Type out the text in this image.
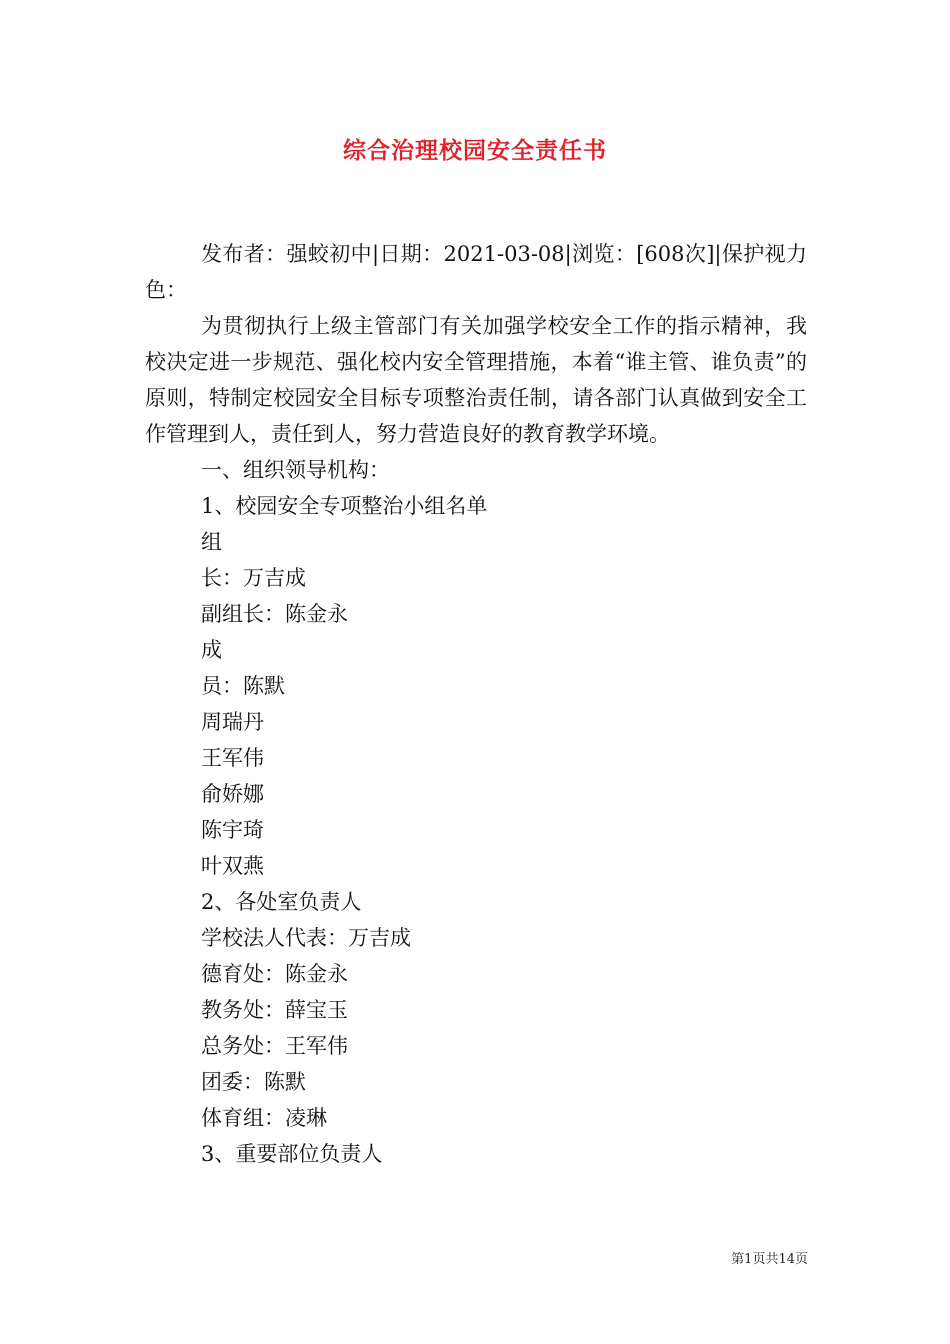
综合治理校园安全责任书

发布者：强蛟初中|日期：2021-03-08|浏览：[608次]|保护视力色：

为贯彻执行上级主管部门有关加强学校安全工作的指示精神，我校决定进一步规范、强化校内安全管理措施，本着“谁主管、谁负责”的原则，特制定校园安全目标专项整治责任制，请各部门认真做到安全工作管理到人，责任到人，努力营造良好的教育教学环境。

一、组织领导机构：

1、校园安全专项整治小组名单

组

长：万吉成

副组长：陈金永

成

员：陈默

周瑞丹

王军伟

俞娇娜

陈宇琦

叶双燕

2、各处室负责人

学校法人代表：万吉成

德育处：陈金永

教务处：薛宝玉

总务处：王军伟

团委：陈默

体育组：凌琳

3、重要部位负责人

第1页共14页
